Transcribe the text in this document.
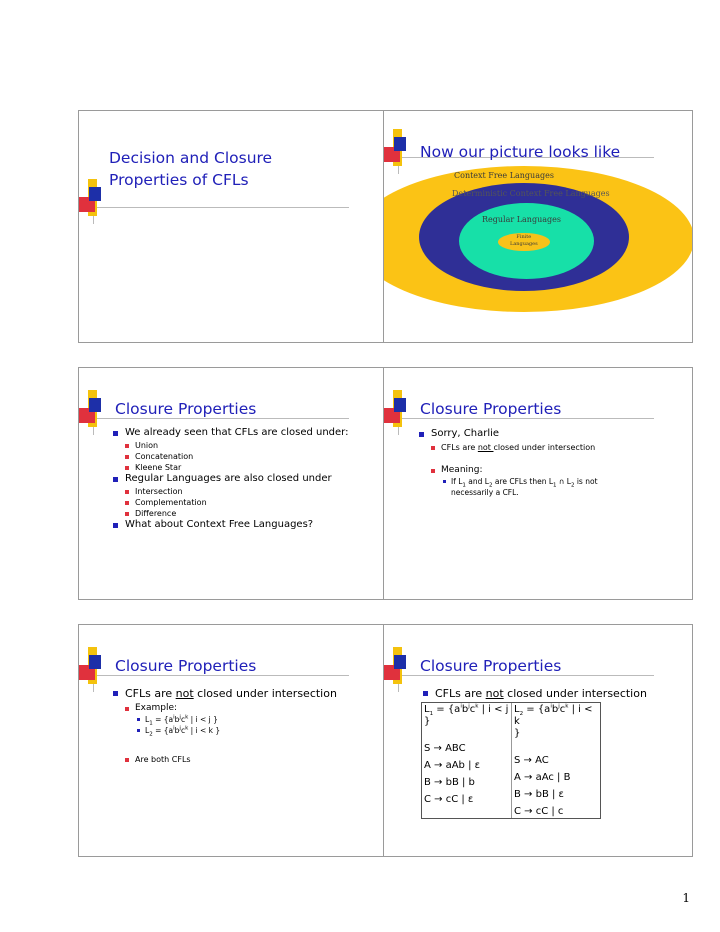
Decision and Closure Properties of CFLs
Now our picture looks like
Context Free Languages
Deterministic Context Free Languages
Regular Languages
Finite
Languages
Closure Properties
We already seen that CFLs are closed under:
Union
Concatenation
Kleene Star
Regular Languages are also closed under
Intersection
Complementation
Difference
What about Context Free Languages?
Closure Properties
Sorry, Charlie
CFLs are not closed under intersection
Meaning:
If $L_1$ and $L_2$ are CFLs then $L_1$ ∩ $L_2$ is not necessarily a CFL.
Closure Properties
CFLs are not closed under intersection
Example:
$L_1 = \{a^ib^jc^k$ | i < j }
$L_2 = \{a^ib^jc^k$ | i < k }
Are both CFLs
Closure Properties
CFLs are not closed under intersection
$L_1 = \{a^ib^jc^k$ | i < j
}
S → ABC
A → aAb | ε
B → bB | b
C → cC | ε
$L_2 = \{a^ib^jc^k$ | i < k
}
S → AC
A → aAc | B
B → bB | ε
C → cC | c
1
